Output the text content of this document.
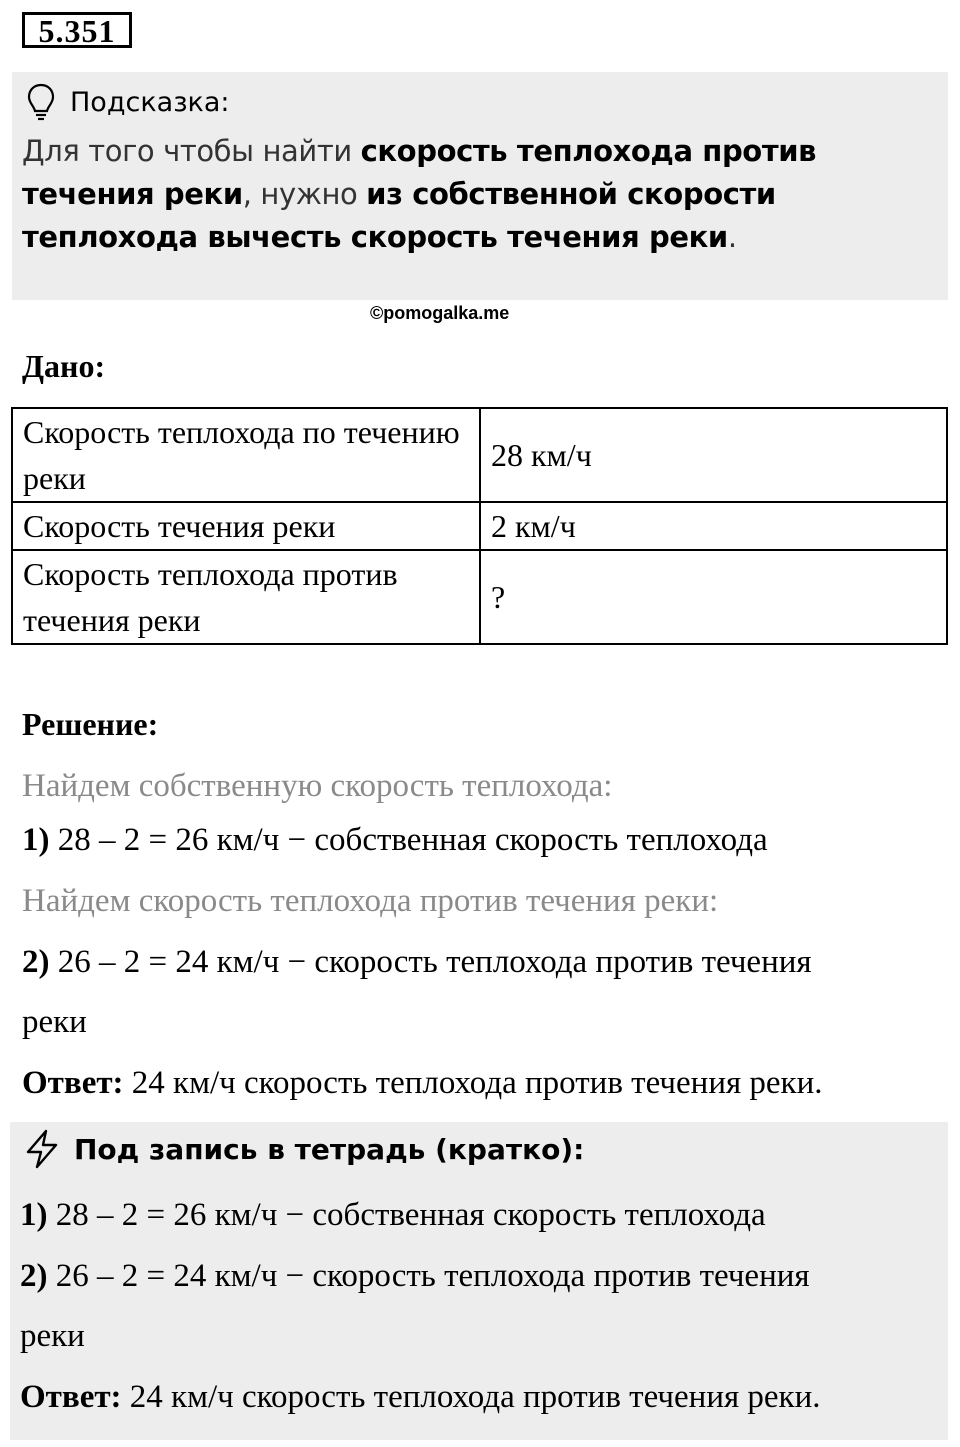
5.351
Подсказка:
Для того чтобы найти скорость теплохода против течения реки, нужно из собственной скорости теплохода вычесть скорость течения реки.
©pomogalka.me
Дано:
Скорость теплохода по течению реки	28 км/ч
Скорость течения реки	2 км/ч
Скорость теплохода против течения реки	?
Решение:
Найдем собственную скорость теплохода:
1) 28 – 2 = 26 км/ч − собственная скорость теплохода
Найдем скорость теплохода против течения реки:
2) 26 – 2 = 24 км/ч − скорость теплохода против течения
реки
Ответ: 24 км/ч скорость теплохода против течения реки.
Под запись в тетрадь (кратко):
1) 28 – 2 = 26 км/ч − собственная скорость теплохода
2) 26 – 2 = 24 км/ч − скорость теплохода против течения
реки
Ответ: 24 км/ч скорость теплохода против течения реки.
